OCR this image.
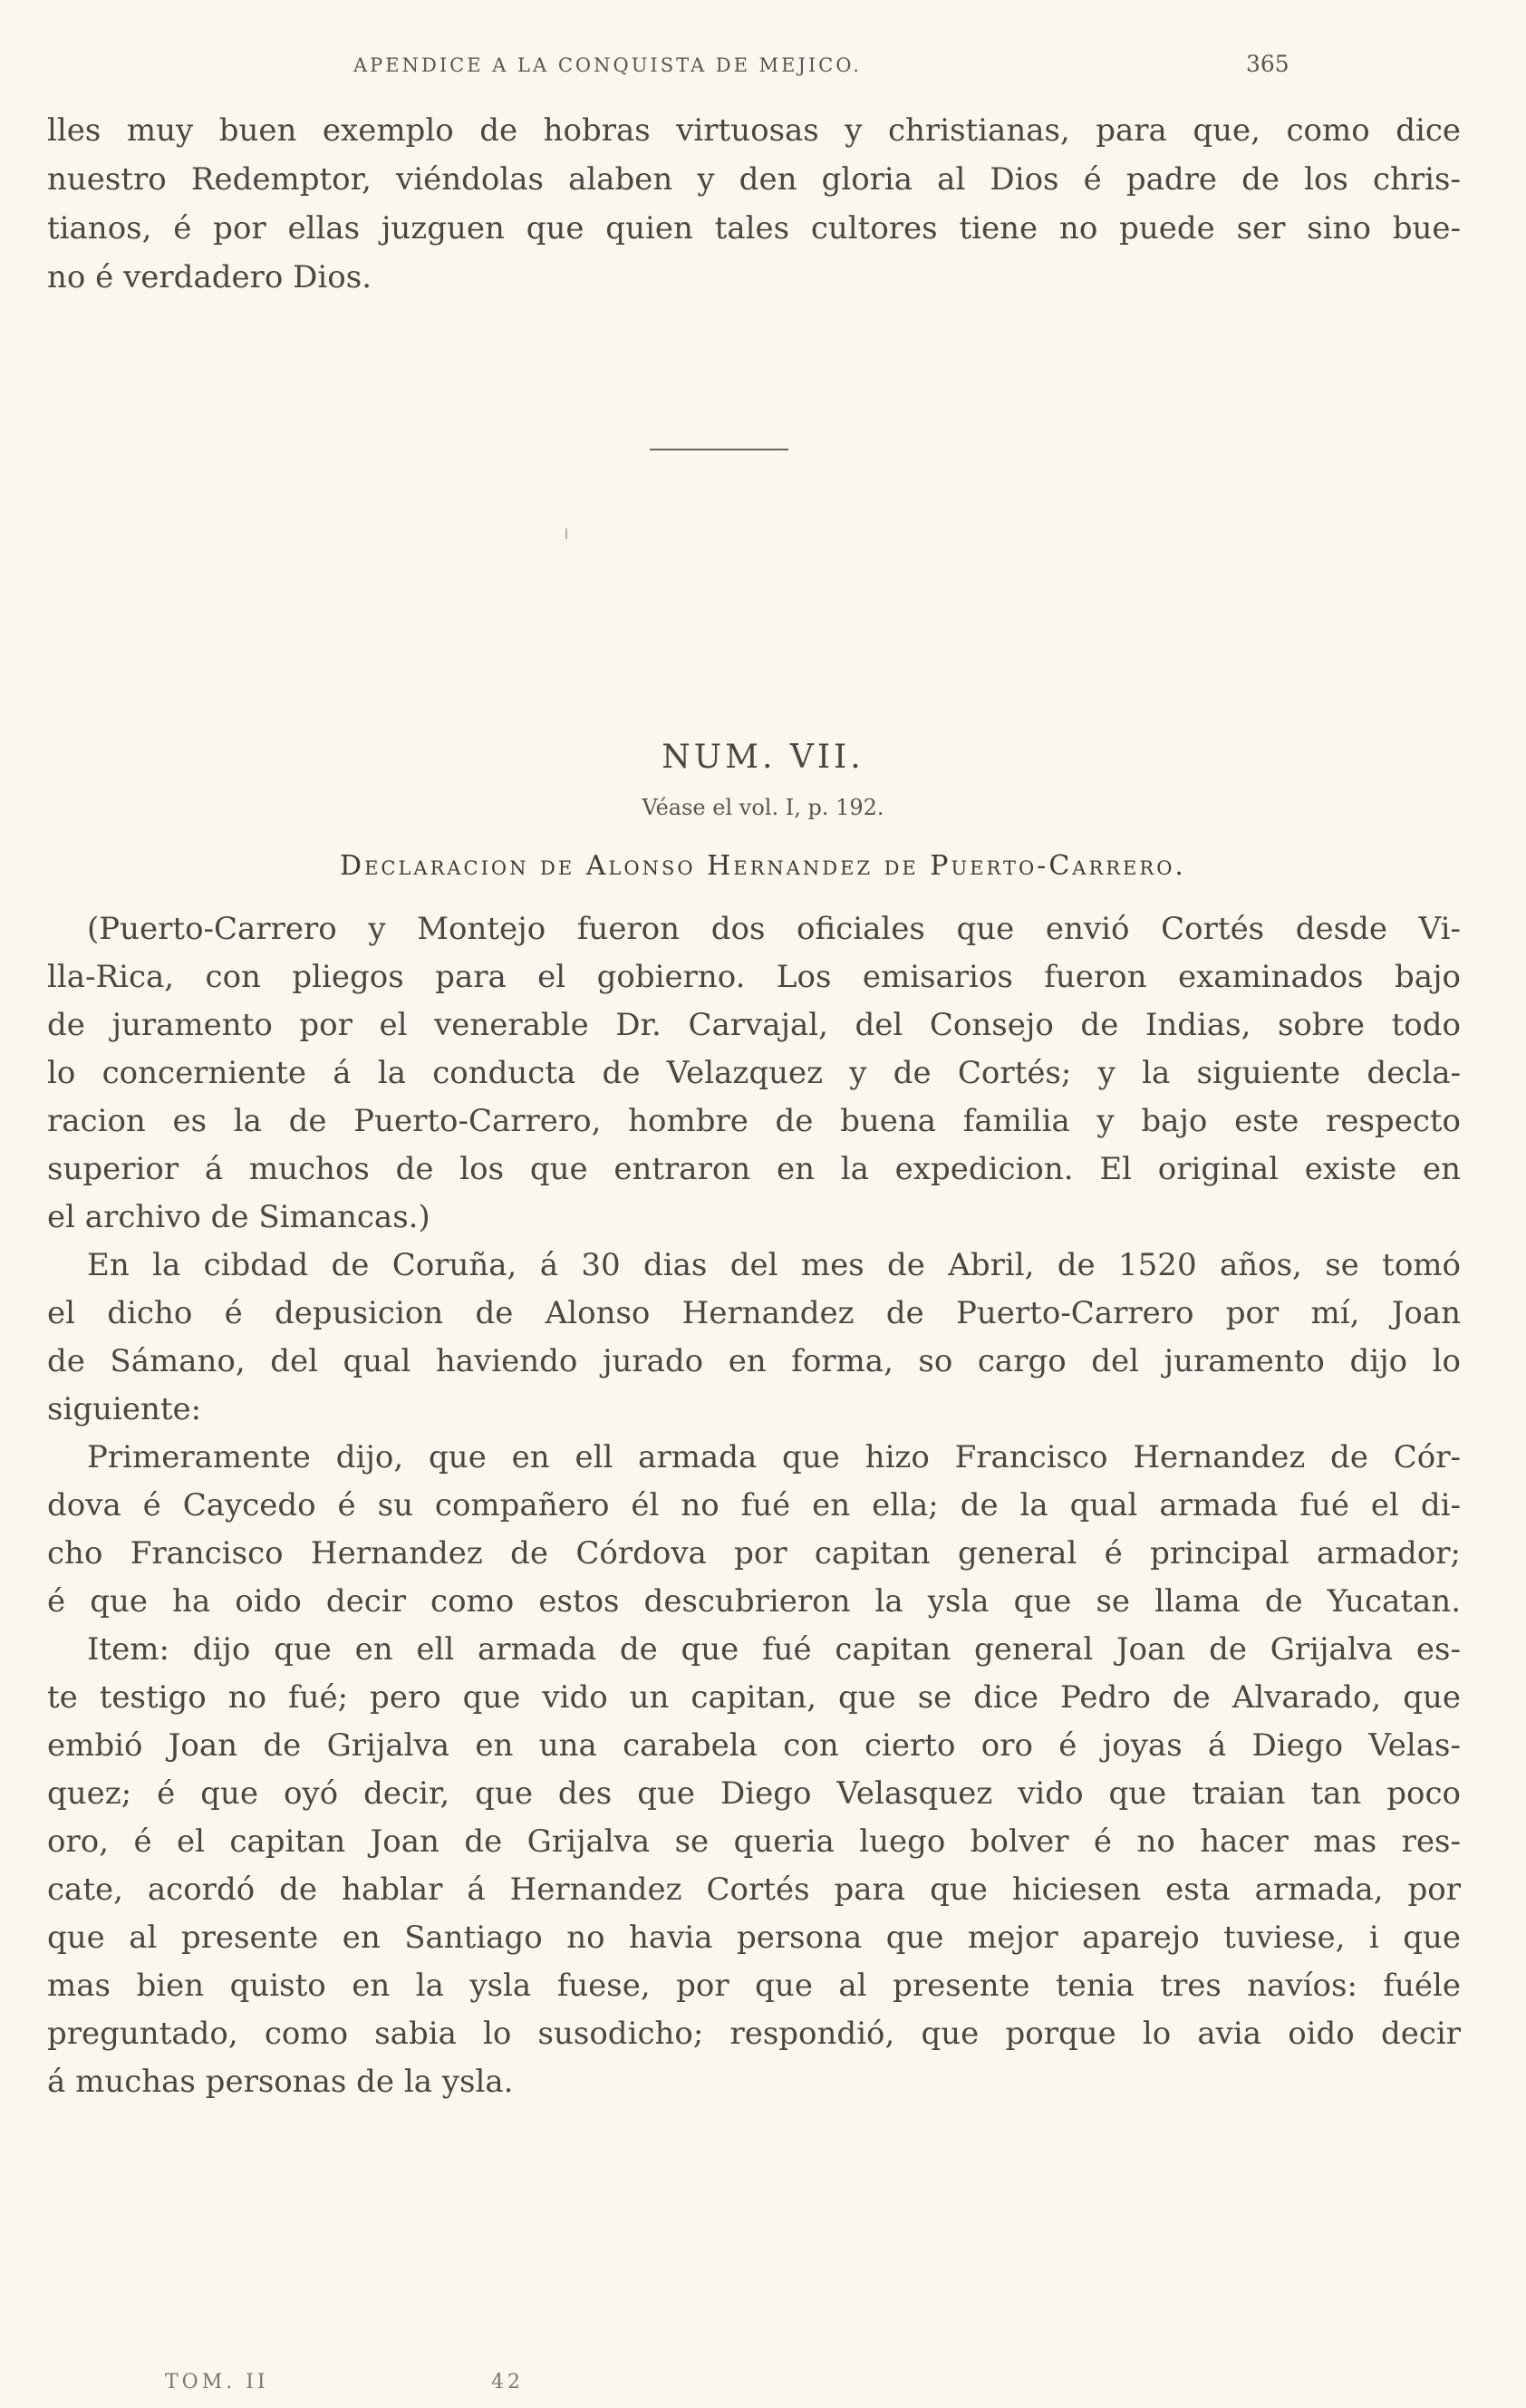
APENDICE A LA CONQUISTA DE MEJICO.	365
lles muy buen exemplo de hobras virtuosas y christianas, para que, como dice
nuestro Redemptor, viéndolas alaben y den gloria al Dios é padre de los chris-
tianos, é por ellas juzguen que quien tales cultores tiene no puede ser sino bue-
no é verdadero Dios.
NUM. VII.
Véase el vol. I, p. 192.
Declaracion de Alonso Hernandez de Puerto-Carrero.
(Puerto-Carrero y Montejo fueron dos oficiales que envió Cortés desde Vi-
lla-Rica, con pliegos para el gobierno. Los emisarios fueron examinados bajo
de juramento por el venerable Dr. Carvajal, del Consejo de Indias, sobre todo
lo concerniente á la conducta de Velazquez y de Cortés; y la siguiente decla-
racion es la de Puerto-Carrero, hombre de buena familia y bajo este respecto
superior á muchos de los que entraron en la expedicion. El original existe en
el archivo de Simancas.)
En la cibdad de Coruña, á 30 dias del mes de Abril, de 1520 años, se tomó
el dicho é depusicion de Alonso Hernandez de Puerto-Carrero por mí, Joan
de Sámano, del qual haviendo jurado en forma, so cargo del juramento dijo lo
siguiente:
Primeramente dijo, que en ell armada que hizo Francisco Hernandez de Cór-
dova é Caycedo é su compañero él no fué en ella; de la qual armada fué el di-
cho Francisco Hernandez de Córdova por capitan general é principal armador;
é que ha oido decir como estos descubrieron la ysla que se llama de Yucatan.
Item: dijo que en ell armada de que fué capitan general Joan de Grijalva es-
te testigo no fué; pero que vido un capitan, que se dice Pedro de Alvarado, que
embió Joan de Grijalva en una carabela con cierto oro é joyas á Diego Velas-
quez; é que oyó decir, que des que Diego Velasquez vido que traian tan poco
oro, é el capitan Joan de Grijalva se queria luego bolver é no hacer mas res-
cate, acordó de hablar á Hernandez Cortés para que hiciesen esta armada, por
que al presente en Santiago no havia persona que mejor aparejo tuviese, i que
mas bien quisto en la ysla fuese, por que al presente tenia tres navíos: fuéle
preguntado, como sabia lo susodicho; respondió, que porque lo avia oido decir
á muchas personas de la ysla.
TOM. II	42
